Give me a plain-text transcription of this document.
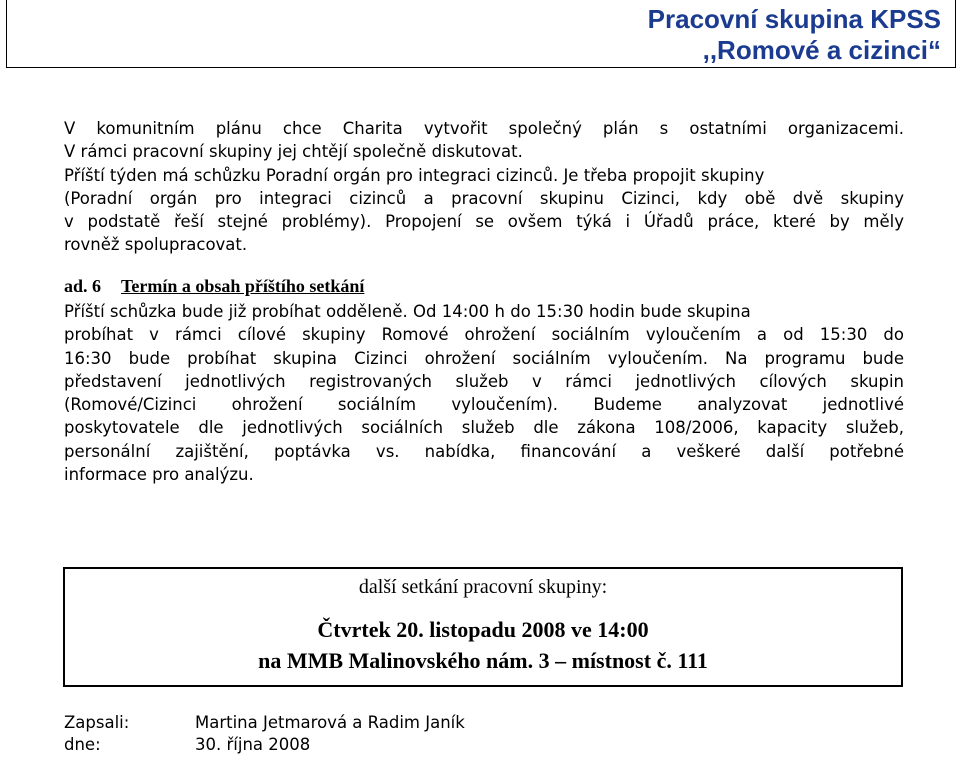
Pracovní skupina KPSS
,,Romové a cizinci“
V komunitním plánu chce Charita vytvořit společný plán s ostatními organizacemi.
V rámci pracovní skupiny jej chtějí společně diskutovat.
Příští týden má schůzku Poradní orgán pro integraci cizinců. Je třeba propojit skupiny
(Poradní orgán pro integraci cizinců a pracovní skupinu Cizinci, kdy obě dvě skupiny
v podstatě řeší stejné problémy). Propojení se ovšem týká i Úřadů práce, které by měly
rovněž spolupracovat.
ad. 6 Termín a obsah příštího setkání
Příští schůzka bude již probíhat odděleně. Od 14:00 h do 15:30 hodin bude skupina
probíhat v rámci cílové skupiny Romové ohrožení sociálním vyloučením a od 15:30 do
16:30 bude probíhat skupina Cizinci ohrožení sociálním vyloučením. Na programu bude
představení jednotlivých registrovaných služeb v rámci jednotlivých cílových skupin
(Romové/Cizinci ohrožení sociálním vyloučením). Budeme analyzovat jednotlivé
poskytovatele dle jednotlivých sociálních služeb dle zákona 108/2006, kapacity služeb,
personální zajištění, poptávka vs. nabídka, financování a veškeré další potřebné
informace pro analýzu.
další setkání pracovní skupiny:
Čtvrtek 20. listopadu 2008 ve 14:00
na MMB Malinovského nám. 3 – místnost č. 111
Zapsali:	Martina Jetmarová a Radim Janík
dne:	30. října 2008
